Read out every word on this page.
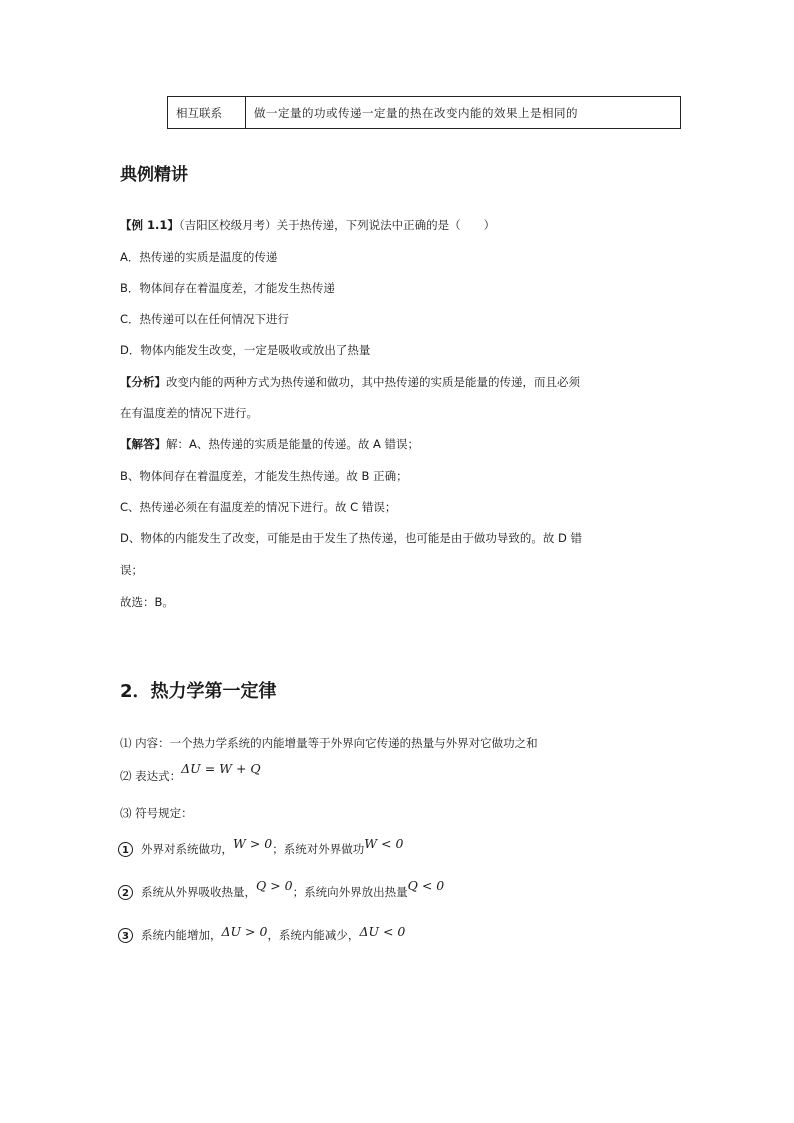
相互联系	做一定量的功或传递一定量的热在改变内能的效果上是相同的
典例精讲
【例 1.1】（吉阳区校级月考）关于热传递，下列说法中正确的是（　　）
A．热传递的实质是温度的传递
B．物体间存在着温度差，才能发生热传递
C．热传递可以在任何情况下进行
D．物体内能发生改变，一定是吸收或放出了热量
【分析】改变内能的两种方式为热传递和做功，其中热传递的实质是能量的传递，而且必须
在有温度差的情况下进行。
【解答】解：A、热传递的实质是能量的传递。故 A 错误；
B、物体间存在着温度差，才能发生热传递。故 B 正确；
C、热传递必须在有温度差的情况下进行。故 C 错误；
D、物体的内能发生了改变，可能是由于发生了热传递，也可能是由于做功导致的。故 D 错
误；
故选：B。
2．热力学第一定律
⑴ 内容：一个热力学系统的内能增量等于外界向它传递的热量与外界对它做功之和
⑵ 表达式：ΔU = W + Q
⑶ 符号规定：
1 外界对系统做功，W > 0；系统对外界做功W < 0
2 系统从外界吸收热量，Q > 0；系统向外界放出热量Q < 0
3 系统内能增加，ΔU > 0，系统内能减少，ΔU < 0
